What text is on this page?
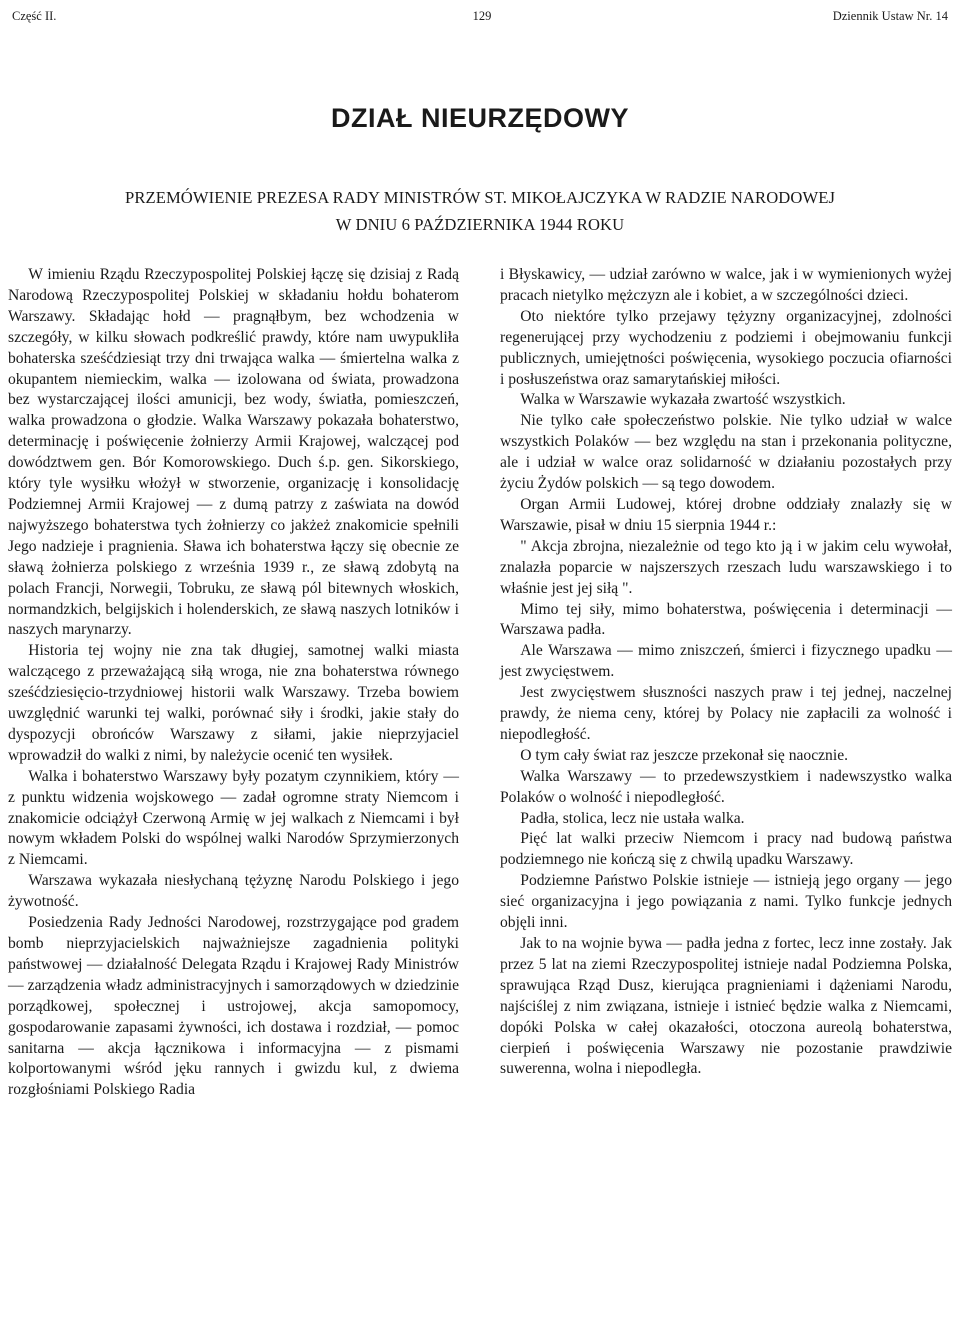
Część II.	129	Dziennik Ustaw Nr. 14
DZIAŁ NIEURZĘDOWY
PRZEMÓWIENIE PREZESA RADY MINISTRÓW ST. MIKOŁAJCZYKA W RADZIE NARODOWEJ
W DNIU 6 PAŹDZIERNIKA 1944 ROKU

W imieniu Rządu Rzeczypospolitej Polskiej łączę się dzisiaj z Radą Narodową Rzeczypospolitej Polskiej w składaniu hołdu bohaterom Warszawy. Składając hołd — pragnąłbym, bez wchodzenia w szczegóły, w kilku słowach podkreślić prawdy, które nam uwypukliła bohaterska sześćdziesiąt trzy dni trwająca walka — śmiertelna walka z okupantem niemieckim, walka — izolowana od świata, prowadzona bez wystarczającej ilości amunicji, bez wody, światła, pomieszczeń, walka prowadzona o głodzie. Walka Warszawy pokazała bohaterstwo, determinację i poświęcenie żołnierzy Armii Krajowej, walczącej pod dowództwem gen. Bór Komorowskiego. Duch ś.p. gen. Sikorskiego, który tyle wysiłku włożył w stworzenie, organizację i konsolidację Podziemnej Armii Krajowej — z dumą patrzy z zaświata na dowód najwyższego bohaterstwa tych żołnierzy co jakżeż znakomicie spełnili Jego nadzieje i pragnienia. Sława ich bohaterstwa łączy się obecnie ze sławą żołnierza polskiego z września 1939 r., ze sławą zdobytą na polach Francji, Norwegii, Tobruku, ze sławą pól bitewnych włoskich, normandzkich, belgijskich i holenderskich, ze sławą naszych lotników i naszych marynarzy.

Historia tej wojny nie zna tak długiej, samotnej walki miasta walczącego z przeważającą siłą wroga, nie zna bohaterstwa równego sześćdziesięcio-trzydniowej historii walk Warszawy. Trzeba bowiem uwzględnić warunki tej walki, porównać siły i środki, jakie stały do dyspozycji obrońców Warszawy z siłami, jakie nieprzyjaciel wprowadził do walki z nimi, by należycie ocenić ten wysiłek.

Walka i bohaterstwo Warszawy były pozatym czynnikiem, który — z punktu widzenia wojskowego — zadał ogromne straty Niemcom i znakomicie odciążył Czerwoną Armię w jej walkach z Niemcami i był nowym wkładem Polski do wspólnej walki Narodów Sprzymierzonych z Niemcami.

Warszawa wykazała niesłychaną tężyznę Narodu Polskiego i jego żywotność.

Posiedzenia Rady Jedności Narodowej, rozstrzygające pod gradem bomb nieprzyjacielskich najważniejsze zagadnienia polityki państwowej — działalność Delegata Rządu i Krajowej Rady Ministrów — zarządzenia władz administracyjnych i samorządowych w dziedzinie porządkowej, społecznej i ustrojowej, akcja samopomocy, gospodarowanie zapasami żywności, ich dostawa i rozdział, — pomoc sanitarna — akcja łącznikowa i informacyjna — z pismami kolportowanymi wśród jęku rannych i gwizdu kul, z dwiema rozgłośniami Polskiego Radia

i Błyskawicy, — udział zarówno w walce, jak i w wymienionych wyżej pracach nietylko mężczyzn ale i kobiet, a w szczególności dzieci.

Oto niektóre tylko przejawy tężyzny organizacyjnej, zdolności regenerującej przy wychodzeniu z podziemi i obejmowaniu funkcji publicznych, umiejętności poświęcenia, wysokiego poczucia ofiarności i posłuszeństwa oraz samarytańskiej miłości.

Walka w Warszawie wykazała zwartość wszystkich.

Nie tylko całe społeczeństwo polskie. Nie tylko udział w walce wszystkich Polaków — bez względu na stan i przekonania polityczne, ale i udział w walce oraz solidarność w działaniu pozostałych przy życiu Żydów polskich — są tego dowodem.

Organ Armii Ludowej, której drobne oddziały znalazły się w Warszawie, pisał w dniu 15 sierpnia 1944 r.:

" Akcja zbrojna, niezależnie od tego kto ją i w jakim celu wywołał, znalazła poparcie w najszerszych rzeszach ludu warszawskiego i to właśnie jest jej siłą ".

Mimo tej siły, mimo bohaterstwa, poświęcenia i determinacji — Warszawa padła.

Ale Warszawa — mimo zniszczeń, śmierci i fizycznego upadku — jest zwycięstwem.

Jest zwycięstwem słuszności naszych praw i tej jednej, naczelnej prawdy, że niema ceny, której by Polacy nie zapłacili za wolność i niepodległość.

O tym cały świat raz jeszcze przekonał się naocznie.

Walka Warszawy — to przedewszystkiem i nadewszystko walka Polaków o wolność i niepodległość.

Padła, stolica, lecz nie ustała walka.

Pięć lat walki przeciw Niemcom i pracy nad budową państwa podziemnego nie kończą się z chwilą upadku Warszawy.

Podziemne Państwo Polskie istnieje — istnieją jego organy — jego sieć organizacyjna i jego powiązania z nami. Tylko funkcje jednych objęli inni.

Jak to na wojnie bywa — padła jedna z fortec, lecz inne zostały. Jak przez 5 lat na ziemi Rzeczypospolitej istnieje nadal Podziemna Polska, sprawująca Rząd Dusz, kierująca pragnieniami i dążeniami Narodu, najściślej z nim związana, istnieje i istnieć będzie walka z Niemcami, dopóki Polska w całej okazałości, otoczona aureolą bohaterstwa, cierpień i poświęcenia Warszawy nie pozostanie prawdziwie suwerenna, wolna i niepodległa.
